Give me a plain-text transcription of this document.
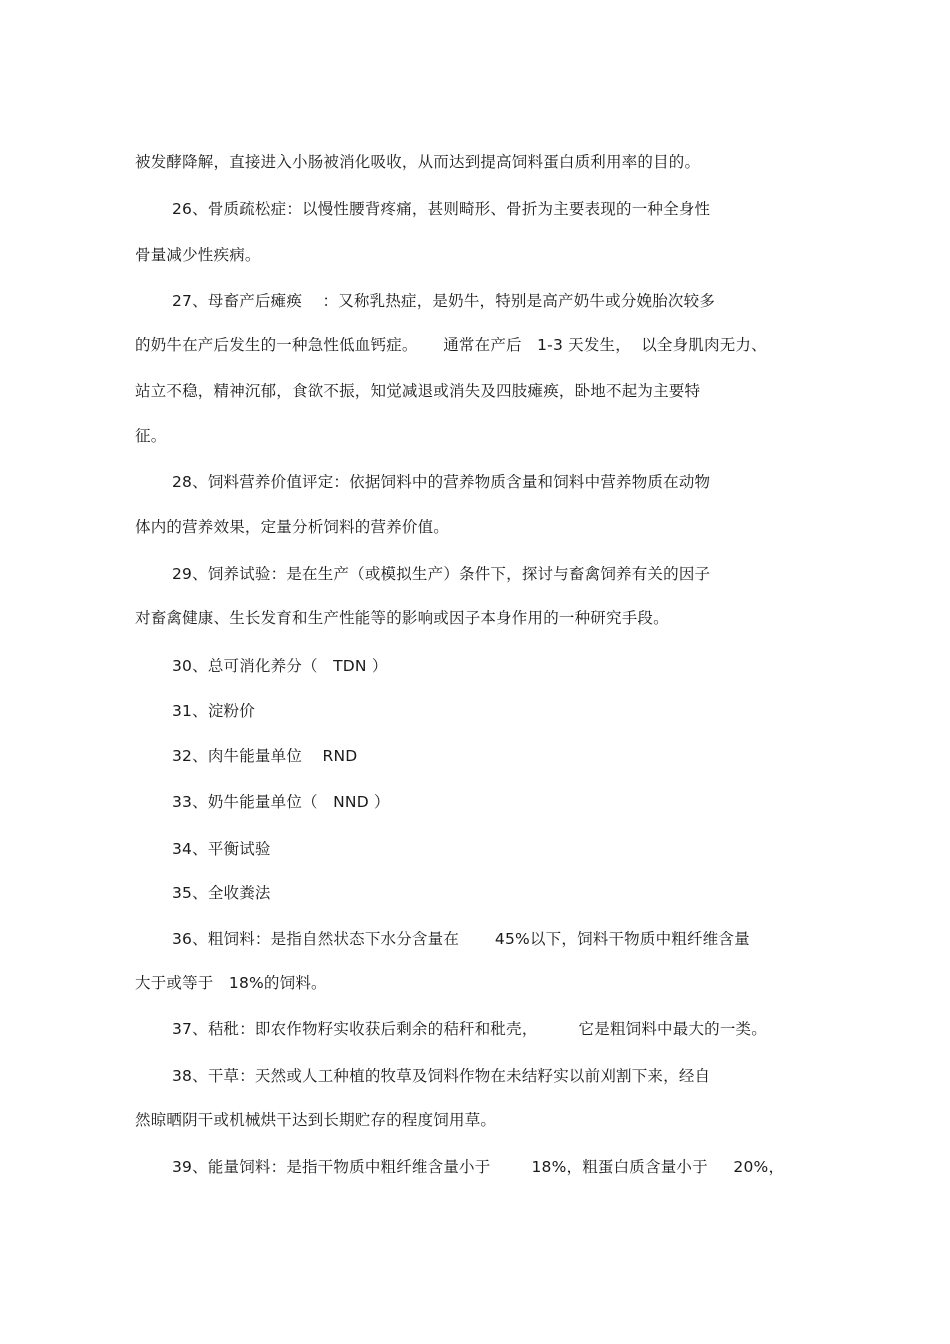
被发酵降解，直接进入小肠被消化吸收，从而达到提高饲料蛋白质利用率的目的。
26、骨质疏松症：以慢性腰背疼痛，甚则畸形、骨折为主要表现的一种全身性
骨量减少性疾病。
27、母畜产后瘫痪    ：又称乳热症，是奶牛，特别是高产奶牛或分娩胎次较多
的奶牛在产后发生的一种急性低血钙症。     通常在产后   1-3 天发生，  以全身肌肉无力、
站立不稳，精神沉郁，食欲不振，知觉减退或消失及四肢瘫痪，卧地不起为主要特
征。
28、饲料营养价值评定：依据饲料中的营养物质含量和饲料中营养物质在动物
体内的营养效果，定量分析饲料的营养价值。
29、饲养试验：是在生产（或模拟生产）条件下，探讨与畜禽饲养有关的因子
对畜禽健康、生长发育和生产性能等的影响或因子本身作用的一种研究手段。
30、总可消化养分（   TDN ）
31、淀粉价
32、肉牛能量单位    RND
33、奶牛能量单位（   NND ）
34、平衡试验
35、全收粪法
36、粗饲料：是指自然状态下水分含量在       45%以下，饲料干物质中粗纤维含量
大于或等于   18%的饲料。
37、秸秕：即农作物籽实收获后剩余的秸秆和秕壳，        它是粗饲料中最大的一类。
38、干草：天然或人工种植的牧草及饲料作物在未结籽实以前刈割下来，经自
然晾晒阴干或机械烘干达到长期贮存的程度饲用草。
39、能量饲料：是指干物质中粗纤维含量小于        18%，粗蛋白质含量小于     20%，
